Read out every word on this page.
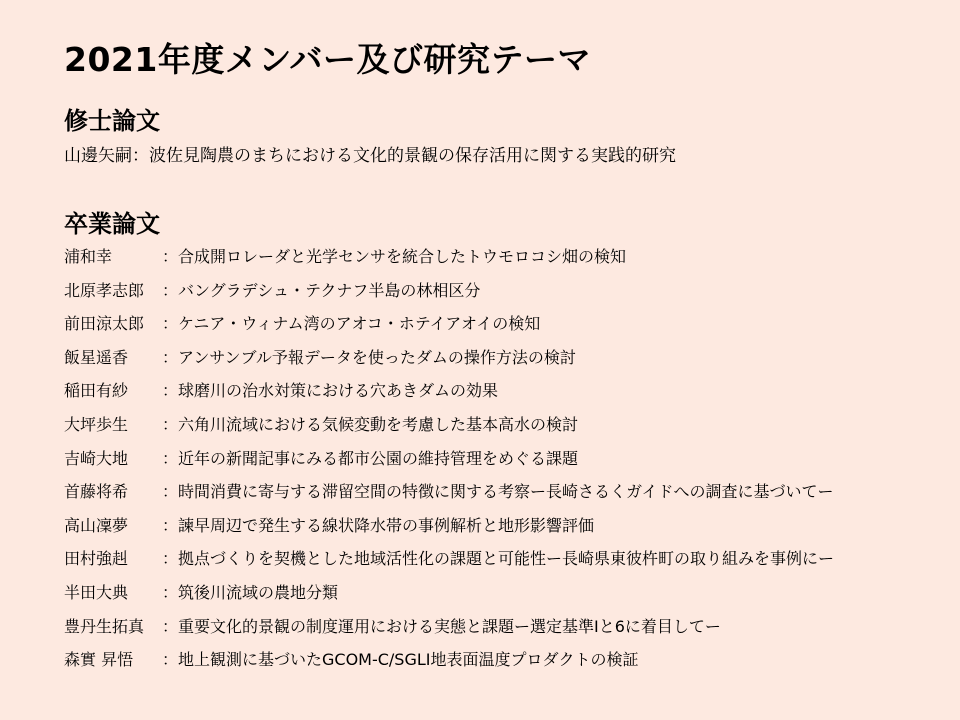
2021年度メンバー及び研究テーマ
修士論文
山邊矢嗣：波佐見陶農のまちにおける文化的景観の保存活用に関する実践的研究
卒業論文
浦和幸	： 合成開ロレーダと光学センサを統合したトウモロコシ畑の検知
北原孝志郎	： バングラデシュ・テクナフ半島の林相区分
前田涼太郎	： ケニア・ウィナム湾のアオコ・ホテイアオイの検知
飯星遥香	： アンサンブル予報データを使ったダムの操作方法の検討
稲田有紗	： 球磨川の治水対策における穴あきダムの効果
大坪歩生	： 六角川流域における気候変動を考慮した基本高水の検討
吉崎大地	： 近年の新聞記事にみる都市公園の維持管理をめぐる課題
首藤将希	： 時間消費に寄与する滞留空間の特徴に関する考察ー長崎さるくガイドへの調査に基づいてー
高山凜夢	： 諫早周辺で発生する線状降水帯の事例解析と地形影響評価
田村強赳	： 拠点づくりを契機とした地域活性化の課題と可能性ー長崎県東彼杵町の取り組みを事例にー
半田大典	： 筑後川流域の農地分類
豊丹生拓真	： 重要文化的景観の制度運用における実態と課題ー選定基準Ⅰと6に着目してー
森實 昇悟	： 地上観測に基づいたGCOM-C/SGLI地表面温度プロダクトの検証
